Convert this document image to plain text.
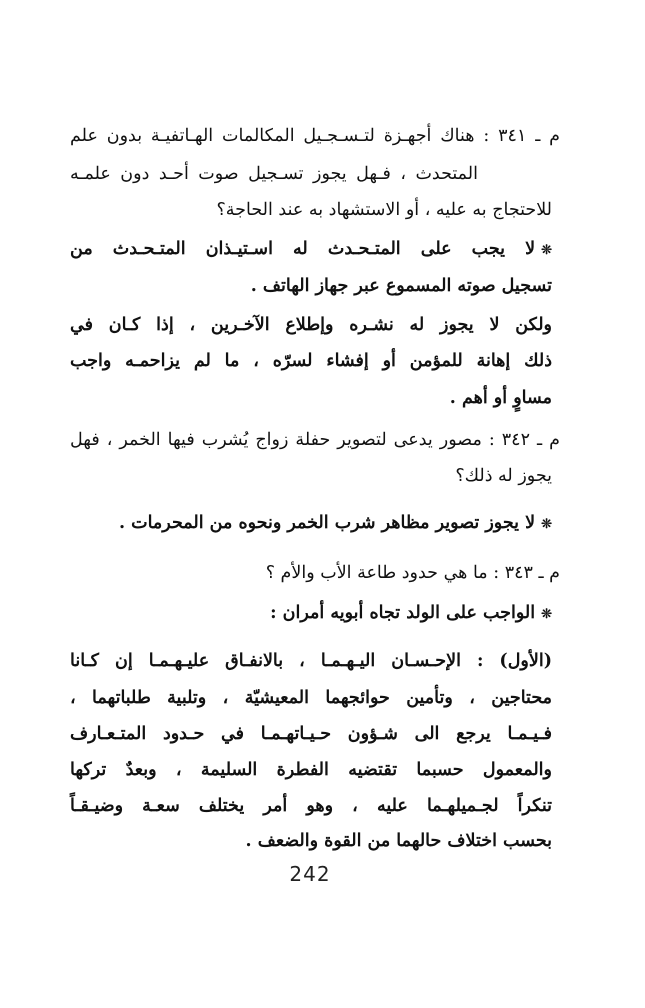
م ـ ٣٤١ : هناك أجهـزة لتـسـجـيل المكالمات الهـاتفيـة بدون علم
المتحدث ، فـهل يجوز تسـجيل صوت أحـد دون علمـه
للاحتجاج به عليه ، أو الاستشهاد به عند الحاجة؟
❊لا يجب على المتـحـدث له اسـتيـذان المتـحـدث من
تسجيل صوته المسموع عبر جهاز الهاتف .
ولكن لا يجوز له نشـره وإطلاع الآخـرين ، إذا كـان في
ذلك إهانة للمؤمن أو إفشاء لسرّه ، ما لم يزاحمـه واجب
مساوٍ أو أهم .
م ـ ٣٤٢ : مصور يدعى لتصوير حفلة زواج يُشرب فيها الخمر ، فهل
يجوز له ذلك؟
❊لا يجوز تصوير مظاهر شرب الخمر ونحوه من المحرمات .
م ـ ٣٤٣ : ما هي حدود طاعة الأب والأم ؟
❊الواجب على الولد تجاه أبويه أمران :
(الأول) : الإحـسـان اليـهـمـا ، بالانفـاق عليـهـمـا إن كـانا
محتاجين ، وتأمين حوائجهما المعيشيّة ، وتلبية طلباتهما ،
فـيـمـا يرجع الى شـؤون حـيـاتهـمـا في حـدود المتـعـارف
والمعمول حسبما تقتضيه الفطرة السليمة ، وبعدٌ تركها
تنكراً لجـميلهـما عليه ، وهو أمر يختلف سعـة وضيـقـاً
بحسب اختلاف حالهما من القوة والضعف .
242
